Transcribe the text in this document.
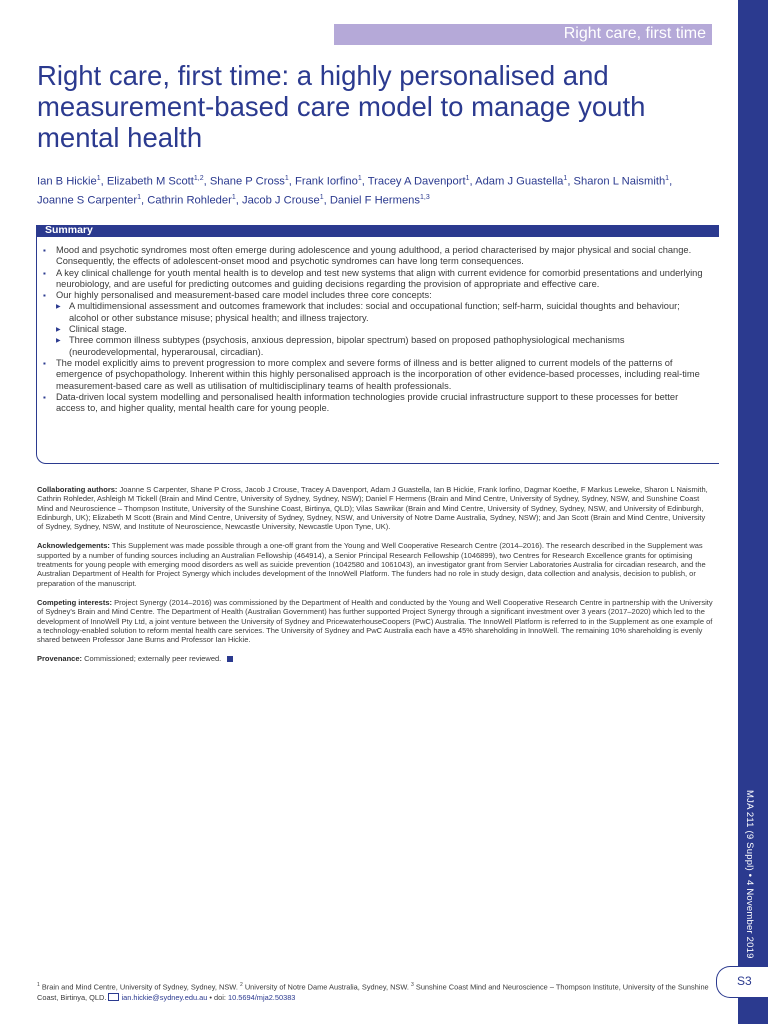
MJA 211 (9 Suppl) • 4 November 2019
Right care, first time
Right care, first time: a highly personalised and measurement-based care model to manage youth mental health
Ian B Hickie$^1$, Elizabeth M Scott$^{1,2}$, Shane P Cross$^1$, Frank Iorfino$^1$, Tracey A Davenport$^1$, Adam J Guastella$^1$, Sharon L Naismith$^1$,
Joanne S Carpenter$^1$, Cathrin Rohleder$^1$, Jacob J Crouse$^1$, Daniel F Hermens$^{1,3}$
Summary
▪ Mood and psychotic syndromes most often emerge during adolescence and young adulthood, a period characterised by major physical and social change. Consequently, the effects of adolescent-onset mood and psychotic syndromes can have long term consequences.
▪ A key clinical challenge for youth mental health is to develop and test new systems that align with current evidence for comorbid presentations and underlying neurobiology, and are useful for predicting outcomes and guiding decisions regarding the provision of appropriate and effective care.
▪ Our highly personalised and measurement-based care model includes three core concepts:
▶ A multidimensional assessment and outcomes framework that includes: social and occupational function; self-harm, suicidal thoughts and behaviour; alcohol or other substance misuse; physical health; and illness trajectory.
▶ Clinical stage.
▶ Three common illness subtypes (psychosis, anxious depression, bipolar spectrum) based on proposed pathophysiological mechanisms (neurodevelopmental, hyperarousal, circadian).
▪ The model explicitly aims to prevent progression to more complex and severe forms of illness and is better aligned to current models of the patterns of emergence of psychopathology. Inherent within this highly personalised approach is the incorporation of other evidence-based processes, including real-time measurement-based care as well as utilisation of multidisciplinary teams of health professionals.
▪ Data-driven local system modelling and personalised health information technologies provide crucial infrastructure support to these processes for better access to, and higher quality, mental health care for young people.

Collaborating authors: Joanne S Carpenter, Shane P Cross, Jacob J Crouse, Tracey A Davenport, Adam J Guastella, Ian B Hickie, Frank Iorfino, Dagmar Koethe, F Markus Leweke, Sharon L Naismith, Cathrin Rohleder, Ashleigh M Tickell (Brain and Mind Centre, University of Sydney, Sydney, NSW); Daniel F Hermens (Brain and Mind Centre, University of Sydney, Sydney, NSW, and Sunshine Coast Mind and Neuroscience – Thompson Institute, University of the Sunshine Coast, Birtinya, QLD); Vilas Sawrikar (Brain and Mind Centre, University of Sydney, Sydney, NSW, and University of Edinburgh, Edinburgh, UK); Elizabeth M Scott (Brain and Mind Centre, University of Sydney, Sydney, NSW, and University of Notre Dame Australia, Sydney, NSW); and Jan Scott (Brain and Mind Centre, University of Sydney, Sydney, NSW, and Institute of Neuroscience, Newcastle University, Newcastle Upon Tyne, UK).

Acknowledgements: This Supplement was made possible through a one-off grant from the Young and Well Cooperative Research Centre (2014–2016). The research described in the Supplement was supported by a number of funding sources including an Australian Fellowship (464914), a Senior Principal Research Fellowship (1046899), two Centres for Research Excellence grants for optimising treatments for young people with emerging mood disorders as well as suicide prevention (1042580 and 1061043), an investigator grant from Servier Laboratories Australia for circadian research, and the Australian Department of Health for Project Synergy which includes development of the InnoWell Platform. The funders had no role in study design, data collection and analysis, decision to publish, or preparation of the manuscript.

Competing interests: Project Synergy (2014–2016) was commissioned by the Department of Health and conducted by the Young and Well Cooperative Research Centre in partnership with the University of Sydney's Brain and Mind Centre. The Department of Health (Australian Government) has further supported Project Synergy through a significant investment over 3 years (2017–2020) which led to the development of InnoWell Pty Ltd, a joint venture between the University of Sydney and PricewaterhouseCoopers (PwC) Australia. The InnoWell Platform is referred to in the Supplement as one example of a technology-enabled solution to reform mental health care services. The University of Sydney and PwC Australia each have a 45% shareholding in InnoWell. The remaining 10% shareholding is evenly shared between Professor Jane Burns and Professor Ian Hickie.

Provenance: Commissioned; externally peer reviewed.

$^1$ Brain and Mind Centre, University of Sydney, Sydney, NSW. $^2$ University of Notre Dame Australia, Sydney, NSW. $^3$ Sunshine Coast Mind and Neuroscience – Thompson Institute, University of the Sunshine Coast, Birtinya, QLD. ian.hickie@sydney.edu.au • doi: 10.5694/mja2.50383
S3
